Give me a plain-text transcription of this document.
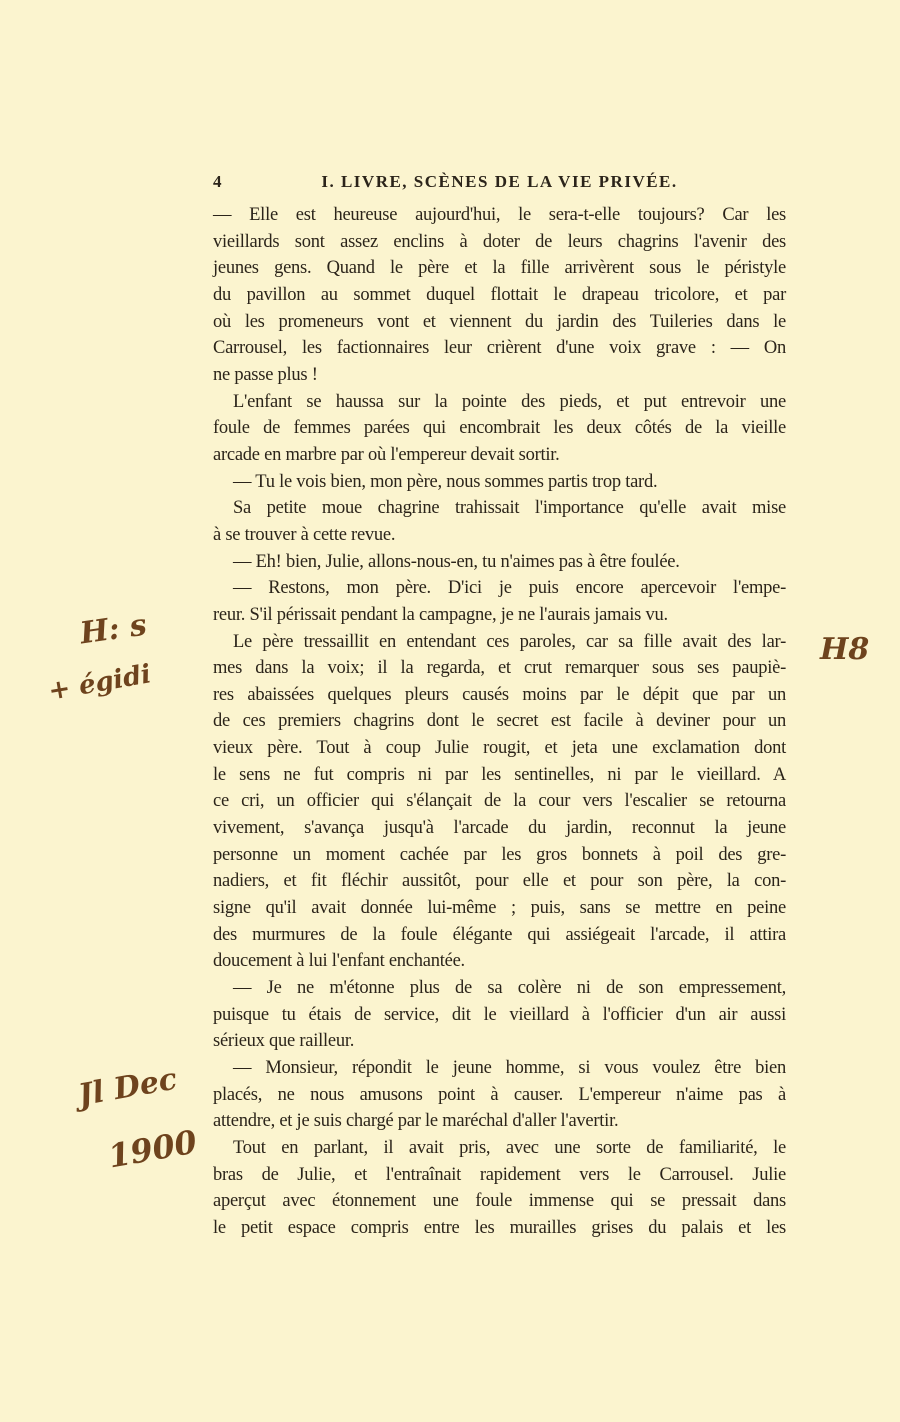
4	I. LIVRE, SCÈNES DE LA VIE PRIVÉE.
— Elle est heureuse aujourd'hui, le sera-t-elle toujours? Car les
vieillards sont assez enclins à doter de leurs chagrins l'avenir des
jeunes gens. Quand le père et la fille arrivèrent sous le péristyle
du pavillon au sommet duquel flottait le drapeau tricolore, et par
où les promeneurs vont et viennent du jardin des Tuileries dans le
Carrousel, les factionnaires leur crièrent d'une voix grave : — On
ne passe plus !
L'enfant se haussa sur la pointe des pieds, et put entrevoir une
foule de femmes parées qui encombrait les deux côtés de la vieille
arcade en marbre par où l'empereur devait sortir.
— Tu le vois bien, mon père, nous sommes partis trop tard.
Sa petite moue chagrine trahissait l'importance qu'elle avait mise
à se trouver à cette revue.
— Eh! bien, Julie, allons-nous-en, tu n'aimes pas à être foulée.
— Restons, mon père. D'ici je puis encore apercevoir l'empe-
reur. S'il périssait pendant la campagne, je ne l'aurais jamais vu.
Le père tressaillit en entendant ces paroles, car sa fille avait des lar-
mes dans la voix; il la regarda, et crut remarquer sous ses paupiè-
res abaissées quelques pleurs causés moins par le dépit que par un
de ces premiers chagrins dont le secret est facile à deviner pour un
vieux père. Tout à coup Julie rougit, et jeta une exclamation dont
le sens ne fut compris ni par les sentinelles, ni par le vieillard. A
ce cri, un officier qui s'élançait de la cour vers l'escalier se retourna
vivement, s'avança jusqu'à l'arcade du jardin, reconnut la jeune
personne un moment cachée par les gros bonnets à poil des gre-
nadiers, et fit fléchir aussitôt, pour elle et pour son père, la con-
signe qu'il avait donnée lui-même ; puis, sans se mettre en peine
des murmures de la foule élégante qui assiégeait l'arcade, il attira
doucement à lui l'enfant enchantée.
— Je ne m'étonne plus de sa colère ni de son empressement,
puisque tu étais de service, dit le vieillard à l'officier d'un air aussi
sérieux que railleur.
— Monsieur, répondit le jeune homme, si vous voulez être bien
placés, ne nous amusons point à causer. L'empereur n'aime pas à
attendre, et je suis chargé par le maréchal d'aller l'avertir.
Tout en parlant, il avait pris, avec une sorte de familiarité, le
bras de Julie, et l'entraînait rapidement vers le Carrousel. Julie
aperçut avec étonnement une foule immense qui se pressait dans
le petit espace compris entre les murailles grises du palais et les
H: s
+ égidi
H8
Jl Dec
1900
